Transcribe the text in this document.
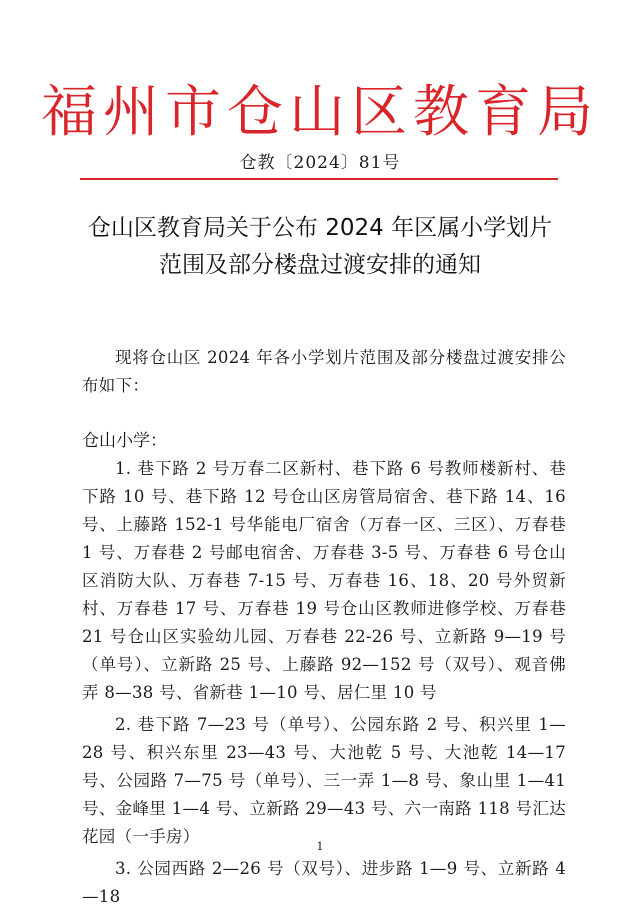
福州市仓山区教育局
仓教〔2024〕81号
仓山区教育局关于公布 2024 年区属小学划片
范围及部分楼盘过渡安排的通知
现将仓山区 2024 年各小学划片范围及部分楼盘过渡安排公布如下：
仓山小学：

1. 巷下路 2 号万春二区新村、巷下路 6 号教师楼新村、巷下路 10 号、巷下路 12 号仓山区房管局宿舍、巷下路 14、16 号、上藤路 152-1 号华能电厂宿舍（万春一区、三区）、万春巷 1 号、万春巷 2 号邮电宿舍、万春巷 3-5 号、万春巷 6 号仓山区消防大队、万春巷 7-15 号、万春巷 16、18、20 号外贸新村、万春巷 17 号、万春巷 19 号仓山区教师进修学校、万春巷 21 号仓山区实验幼儿园、万春巷 22-26 号、立新路 9—19 号（单号）、立新路 25 号、上藤路 92—152 号（双号）、观音佛弄 8—38 号、省新巷 1—10 号、居仁里 10 号

2. 巷下路 7—23 号（单号）、公园东路 2 号、积兴里 1—28 号、积兴东里 23—43 号、大池乾 5 号、大池乾 14—17 号、公园路 7—75 号（单号）、三一弄 1—8 号、象山里 1—41 号、金峰里 1—4 号、立新路 29—43 号、六一南路 118 号汇达花园（一手房）

3. 公园西路 2—26 号（双号）、进步路 1—9 号、立新路 4—18

1
